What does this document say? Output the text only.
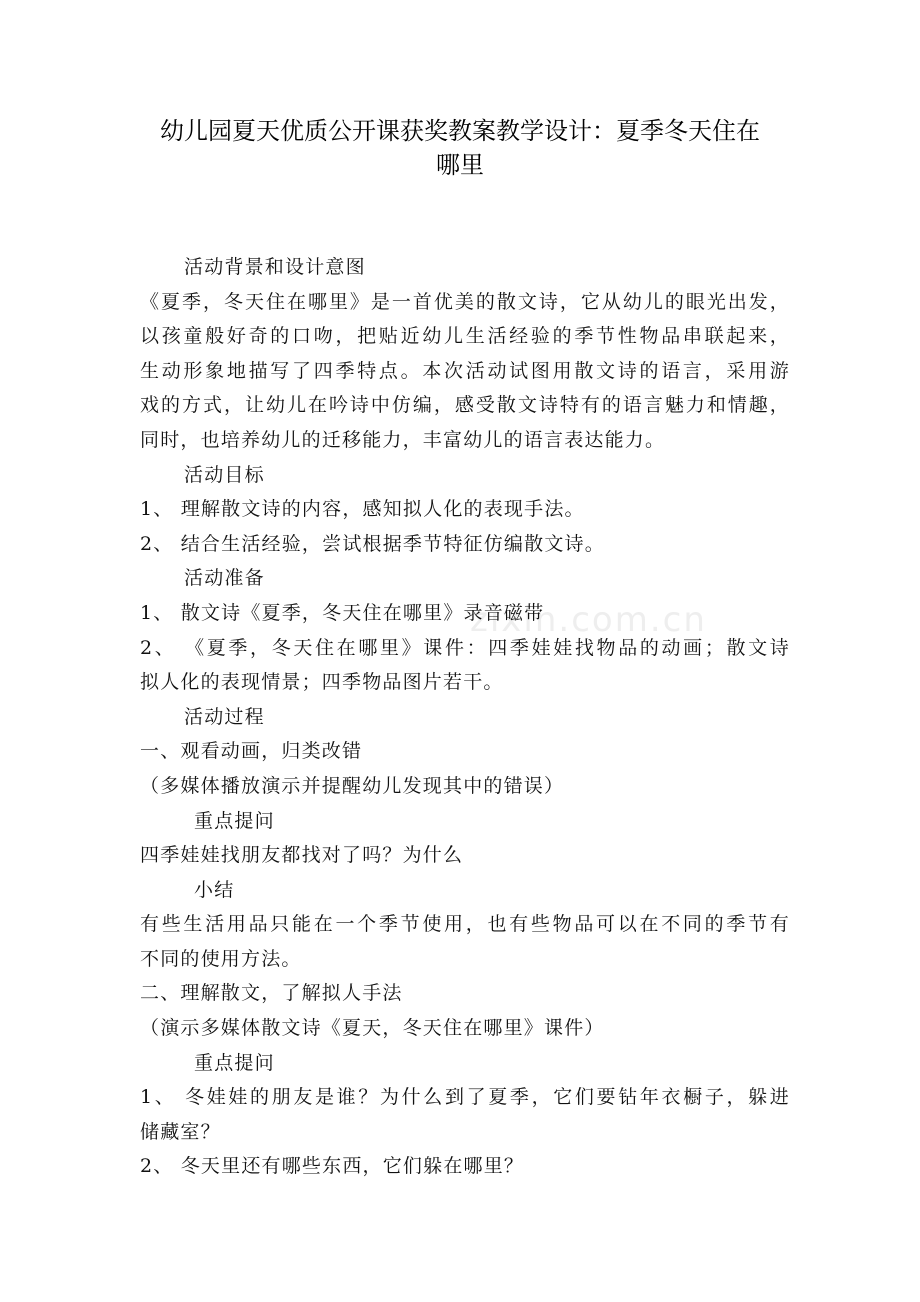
幼儿园夏天优质公开课获奖教案教学设计：夏季冬天住在哪里
zixin.com.cn

活动背景和设计意图

《夏季，冬天住在哪里》是一首优美的散文诗，它从幼儿的眼光出发，

以孩童般好奇的口吻，把贴近幼儿生活经验的季节性物品串联起来，

生动形象地描写了四季特点。本次活动试图用散文诗的语言，采用游

戏的方式，让幼儿在吟诗中仿编，感受散文诗特有的语言魅力和情趣，

同时，也培养幼儿的迁移能力，丰富幼儿的语言表达能力。

活动目标

1、 理解散文诗的内容，感知拟人化的表现手法。

2、 结合生活经验，尝试根据季节特征仿编散文诗。

活动准备

1、 散文诗《夏季，冬天住在哪里》录音磁带

2、 《夏季，冬天住在哪里》课件：四季娃娃找物品的动画；散文诗

拟人化的表现情景；四季物品图片若干。

活动过程

一、观看动画，归类改错

（多媒体播放演示并提醒幼儿发现其中的错误）

重点提问

四季娃娃找朋友都找对了吗？为什么

小结

有些生活用品只能在一个季节使用，也有些物品可以在不同的季节有

不同的使用方法。

二、理解散文，了解拟人手法

（演示多媒体散文诗《夏天，冬天住在哪里》课件）

重点提问

1、 冬娃娃的朋友是谁？为什么到了夏季，它们要钻年衣橱子，躲进

储藏室？

2、 冬天里还有哪些东西，它们躲在哪里？
